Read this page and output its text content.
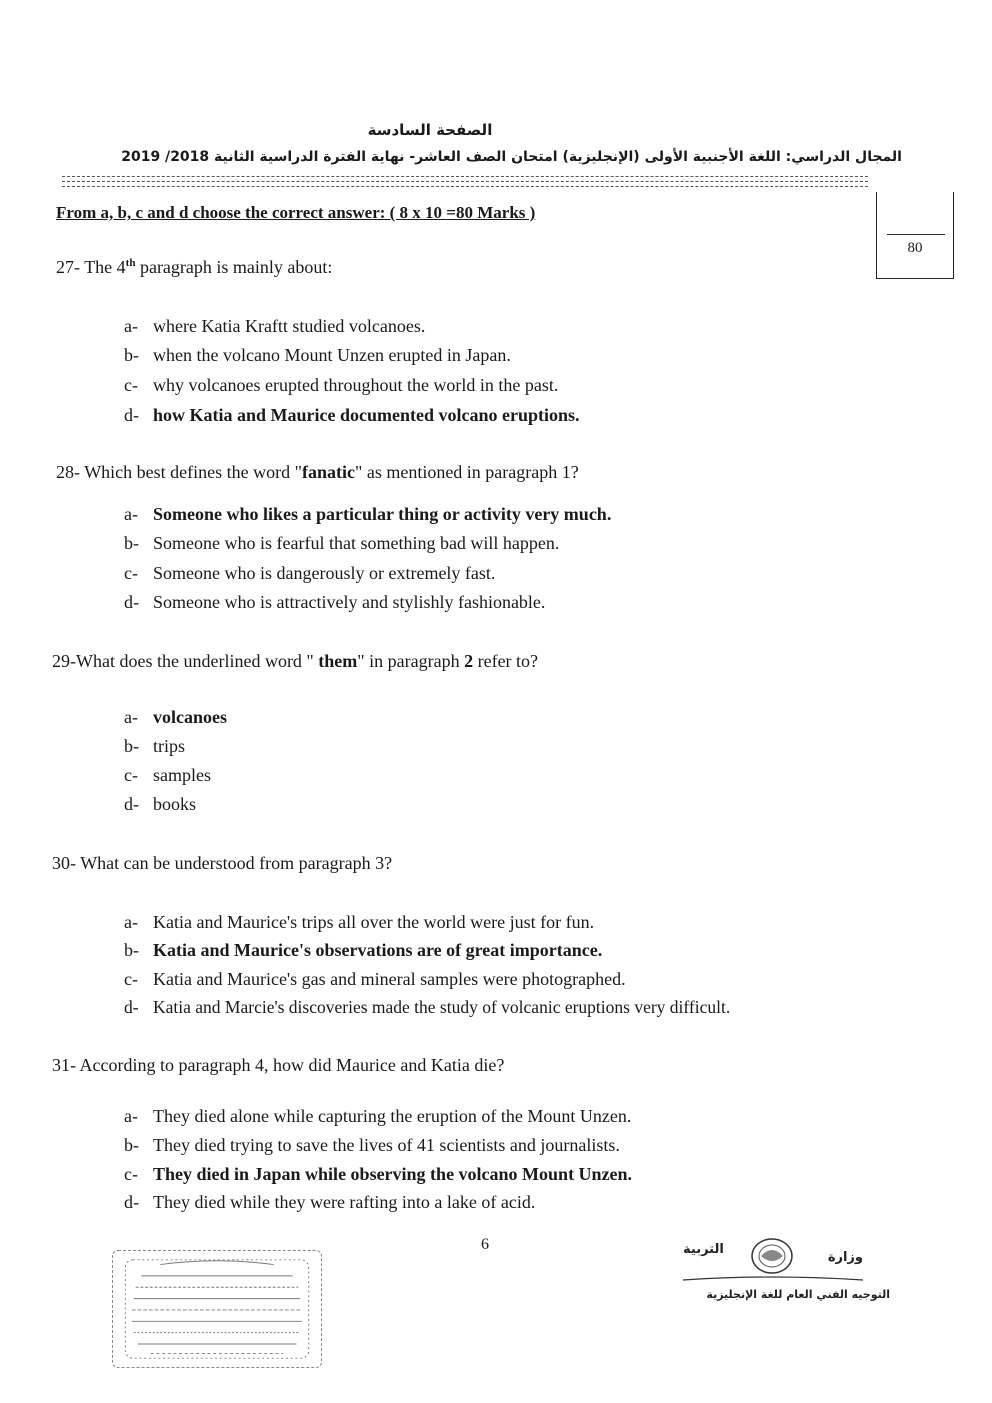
الصفحة السادسة
المجال الدراسي: اللغة الأجنبية الأولى (الإنجليزية) امتحان الصف العاشر- نهاية الفترة الدراسية الثانية 2018/ 2019
80
From a, b, c and d choose the correct answer: ( 8 x 10 =80 Marks )
27- The 4th paragraph is mainly about:
a- where Katia Kraftt studied volcanoes.
b- when the volcano Mount Unzen erupted in Japan.
c- why volcanoes erupted throughout the world in the past.
d- how Katia and Maurice documented volcano eruptions.
28- Which best defines the word "fanatic" as mentioned in paragraph 1?
a- Someone who likes a particular thing or activity very much.
b- Someone who is fearful that something bad will happen.
c- Someone who is dangerously or extremely fast.
d- Someone who is attractively and stylishly fashionable.
29-What does the underlined word " them" in paragraph 2 refer to?
a- volcanoes
b- trips
c- samples
d- books
30- What can be understood from paragraph 3?
a- Katia and Maurice's trips all over the world were just for fun.
b- Katia and Maurice's observations are of great importance.
c- Katia and Maurice's gas and mineral samples were photographed.
d- Katia and Marcie's discoveries made the study of volcanic eruptions very difficult.
31- According to paragraph 4, how did Maurice and Katia die?
a- They died alone while capturing the eruption of the Mount Unzen.
b- They died trying to save the lives of 41 scientists and journalists.
c- They died in Japan while observing the volcano Mount Unzen.
d- They died while they were rafting into a lake of acid.
6
وزارة
التربية
التوجيه الفني العام للغة الإنجليزية
